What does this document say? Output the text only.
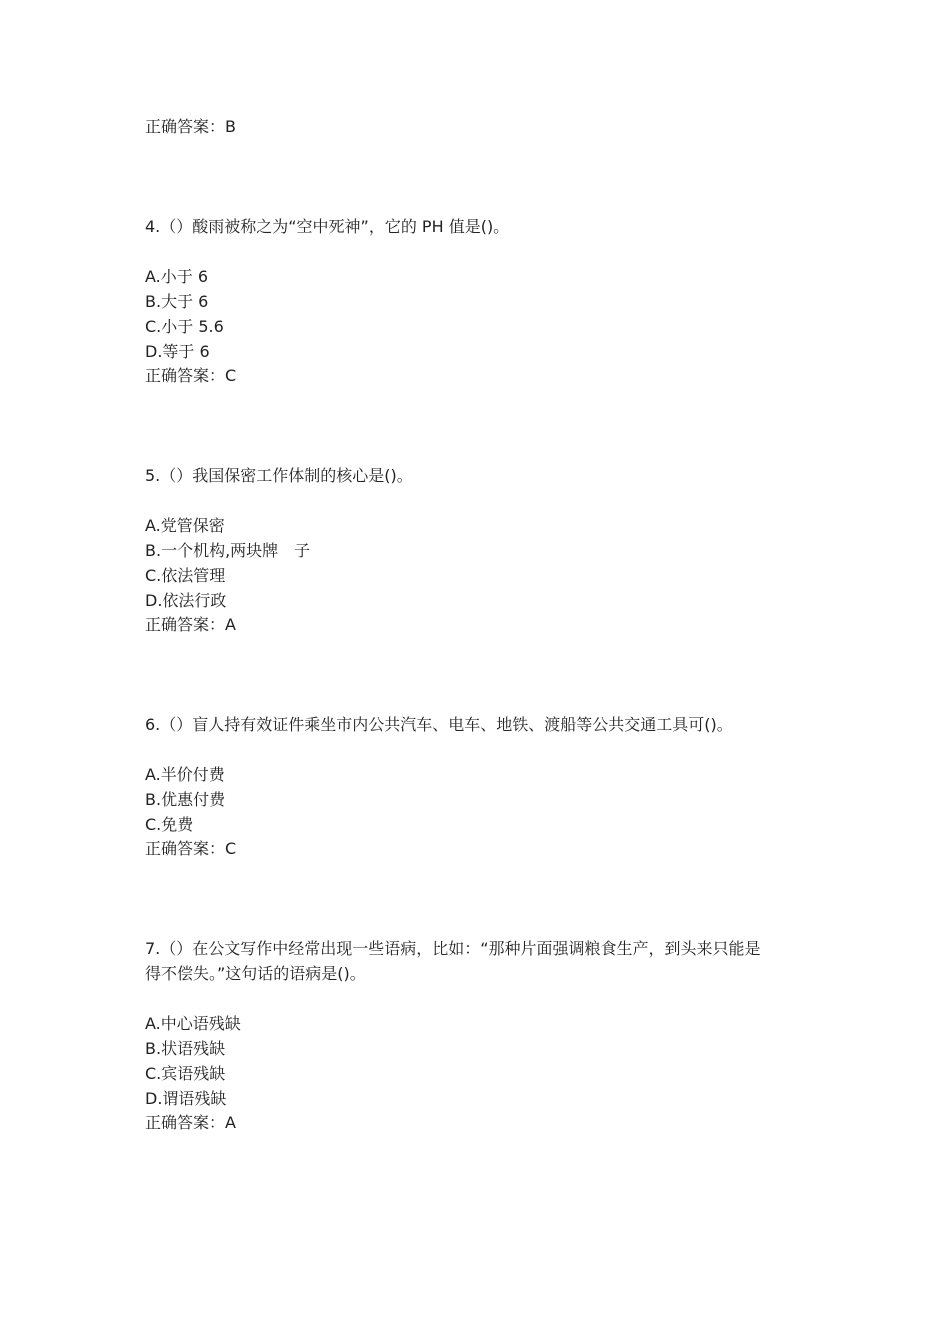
正确答案：B
4.（）酸雨被称之为“空中死神”，它的 PH 值是()。
A.小于 6
B.大于 6
C.小于 5.6
D.等于 6
正确答案：C
5.（）我国保密工作体制的核心是()。
A.党管保密
B.一个机构,两块牌　子
C.依法管理
D.依法行政
正确答案：A
6.（）盲人持有效证件乘坐市内公共汽车、电车、地铁、渡船等公共交通工具可()。
A.半价付费
B.优惠付费
C.免费
正确答案：C
7.（）在公文写作中经常出现一些语病，比如：“那种片面强调粮食生产，到头来只能是
得不偿失。”这句话的语病是()。
A.中心语残缺
B.状语残缺
C.宾语残缺
D.谓语残缺
正确答案：A
